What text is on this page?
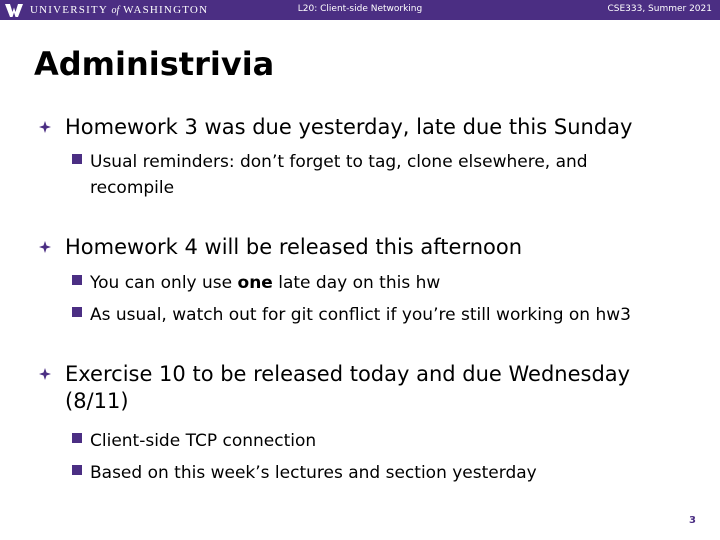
UNIVERSITY of WASHINGTON	L20: Client-side Networking	CSE333, Summer 2021
Administrivia
Homework 3 was due yesterday, late due this Sunday
Usual reminders: don’t forget to tag, clone elsewhere, and recompile
Homework 4 will be released this afternoon
You can only use one late day on this hw
As usual, watch out for git conflict if you’re still working on hw3
Exercise 10 to be released today and due Wednesday (8/11)
Client-side TCP connection
Based on this week’s lectures and section yesterday
3
